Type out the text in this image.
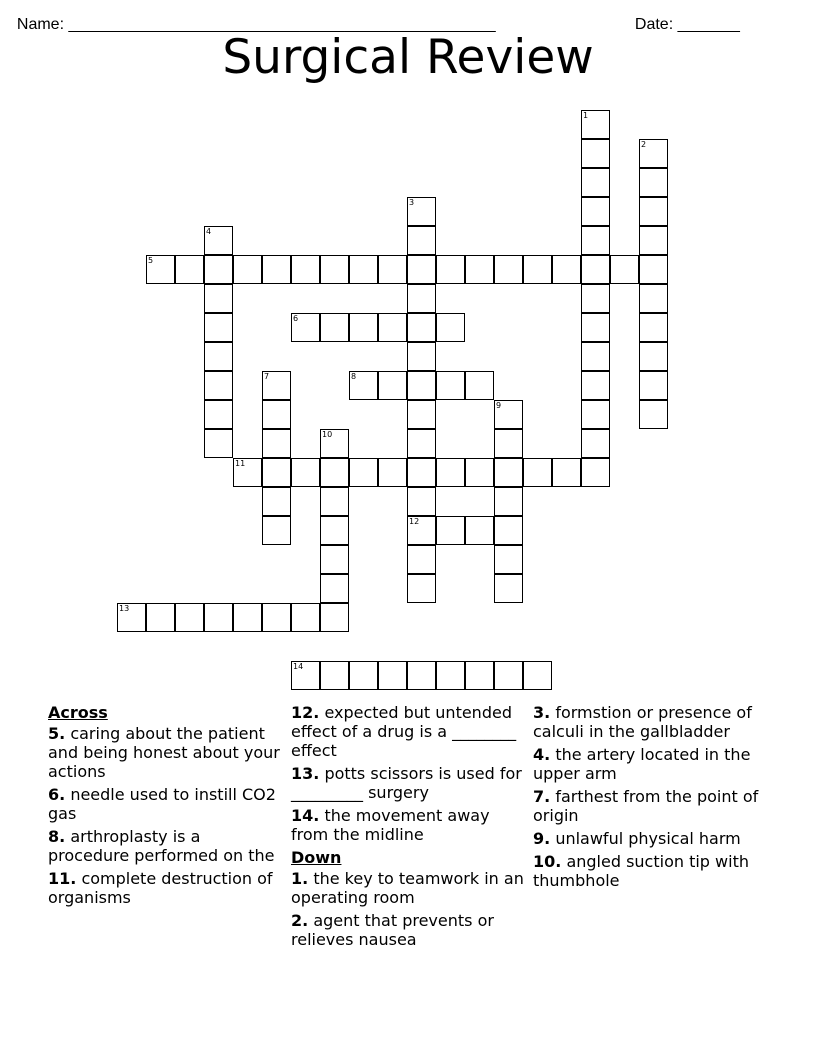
Name: ________________________________________________	Date: _______

Surgical Review
1
2
3
12
4
5
6
7	8
9
10
11
13
14
Across
5. caring about the patient and being honest about your actions
6. needle used to instill CO2 gas
8. arthroplasty is a procedure performed on the
11. complete destruction of organisms
12. expected but untended effect of a drug is a ________ effect
13. potts scissors is used for _________ surgery
14. the movement away from the midline
Down
1. the key to teamwork in an operating room
2. agent that prevents or relieves nausea
3. formstion or presence of calculi in the gallbladder
4. the artery located in the upper arm
7. farthest from the point of origin
9. unlawful physical harm
10. angled suction tip with thumbhole
